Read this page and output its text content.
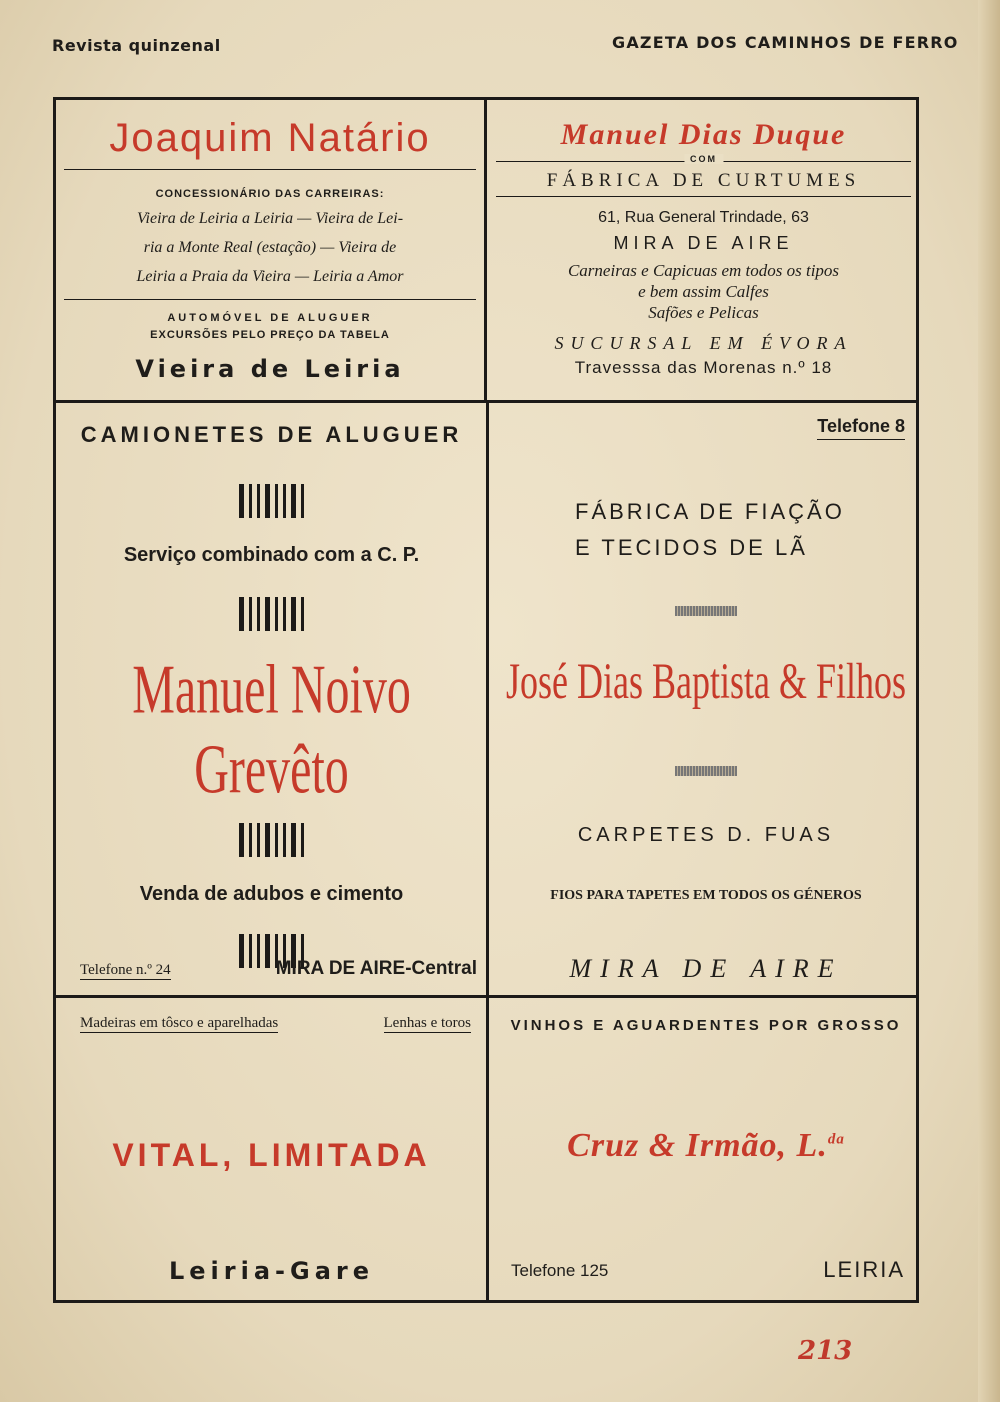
Revista quinzenal	GAZETA DOS CAMINHOS DE FERRO
Joaquim Natário
CONCESSIONÁRIO DAS CARREIRAS:
Vieira de Leiria a Leiria — Vieira de Lei-
ria a Monte Real (estação) — Vieira de
Leiria a Praia da Vieira — Leiria a Amor
AUTOMÓVEL DE ALUGUER
EXCURSÕES PELO PREÇO DA TABELA
Vieira de Leiria
Manuel Dias Duque
COM
FÁBRICA DE CURTUMES
61, Rua General Trindade, 63
MIRA DE AIRE
Carneiras e Capicuas em todos os tipos
e bem assim Calfes
Safões e Pelicas
SUCURSAL EM ÉVORA
Travesssa das Morenas n.º 18
CAMIONETES DE ALUGUER
Serviço combinado com a C. P.
Manuel Noivo Grevêto
Venda de adubos e cimento
Telefone n.º 24	MIRA DE AIRE-Central
Telefone 8
FÁBRICA DE FIAÇÃO
E TECIDOS DE LÃ
José Dias Baptista & Filhos
CARPETES D. FUAS
FIOS PARA TAPETES EM TODOS OS GÉNEROS
MIRA DE AIRE
Madeiras em tôsco e aparelhadas	Lenhas e toros
VITAL, LIMITADA
Leiria-Gare
VINHOS E AGUARDENTES POR GROSSO
Cruz & Irmão, L.$^{da}$
Telefone 125	LEIRIA
213
